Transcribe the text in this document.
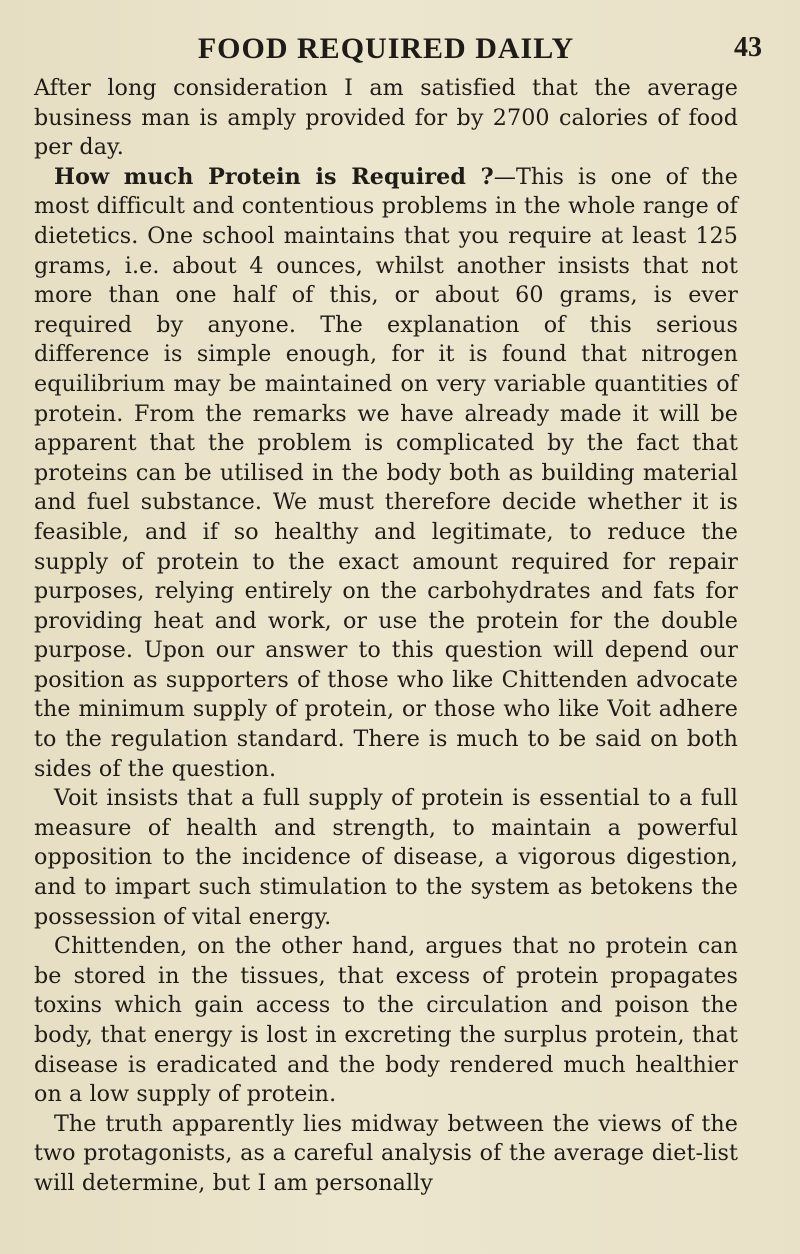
FOOD REQUIRED DAILY	43

After long consideration I am satisfied that the average business man is amply provided for by 2700 calories of food per day.

How much Protein is Required ?—This is one of the most difficult and contentious problems in the whole range of dietetics. One school maintains that you require at least 125 grams, i.e. about 4 ounces, whilst another insists that not more than one half of this, or about 60 grams, is ever required by anyone. The explanation of this serious difference is simple enough, for it is found that nitrogen equilibrium may be maintained on very variable quantities of protein. From the remarks we have already made it will be apparent that the problem is complicated by the fact that proteins can be utilised in the body both as building material and fuel substance. We must therefore decide whether it is feasible, and if so healthy and legitimate, to reduce the supply of protein to the exact amount required for repair purposes, relying entirely on the carbohydrates and fats for providing heat and work, or use the protein for the double purpose. Upon our answer to this question will depend our position as supporters of those who like Chittenden advocate the minimum supply of protein, or those who like Voit adhere to the regulation standard. There is much to be said on both sides of the question.

Voit insists that a full supply of protein is essential to a full measure of health and strength, to maintain a powerful opposition to the incidence of disease, a vigorous digestion, and to impart such stimulation to the system as betokens the possession of vital energy.

Chittenden, on the other hand, argues that no protein can be stored in the tissues, that excess of protein propagates toxins which gain access to the circulation and poison the body, that energy is lost in excreting the surplus protein, that disease is eradicated and the body rendered much healthier on a low supply of protein.

The truth apparently lies midway between the views of the two protagonists, as a careful analysis of the average diet-list will determine, but I am personally
